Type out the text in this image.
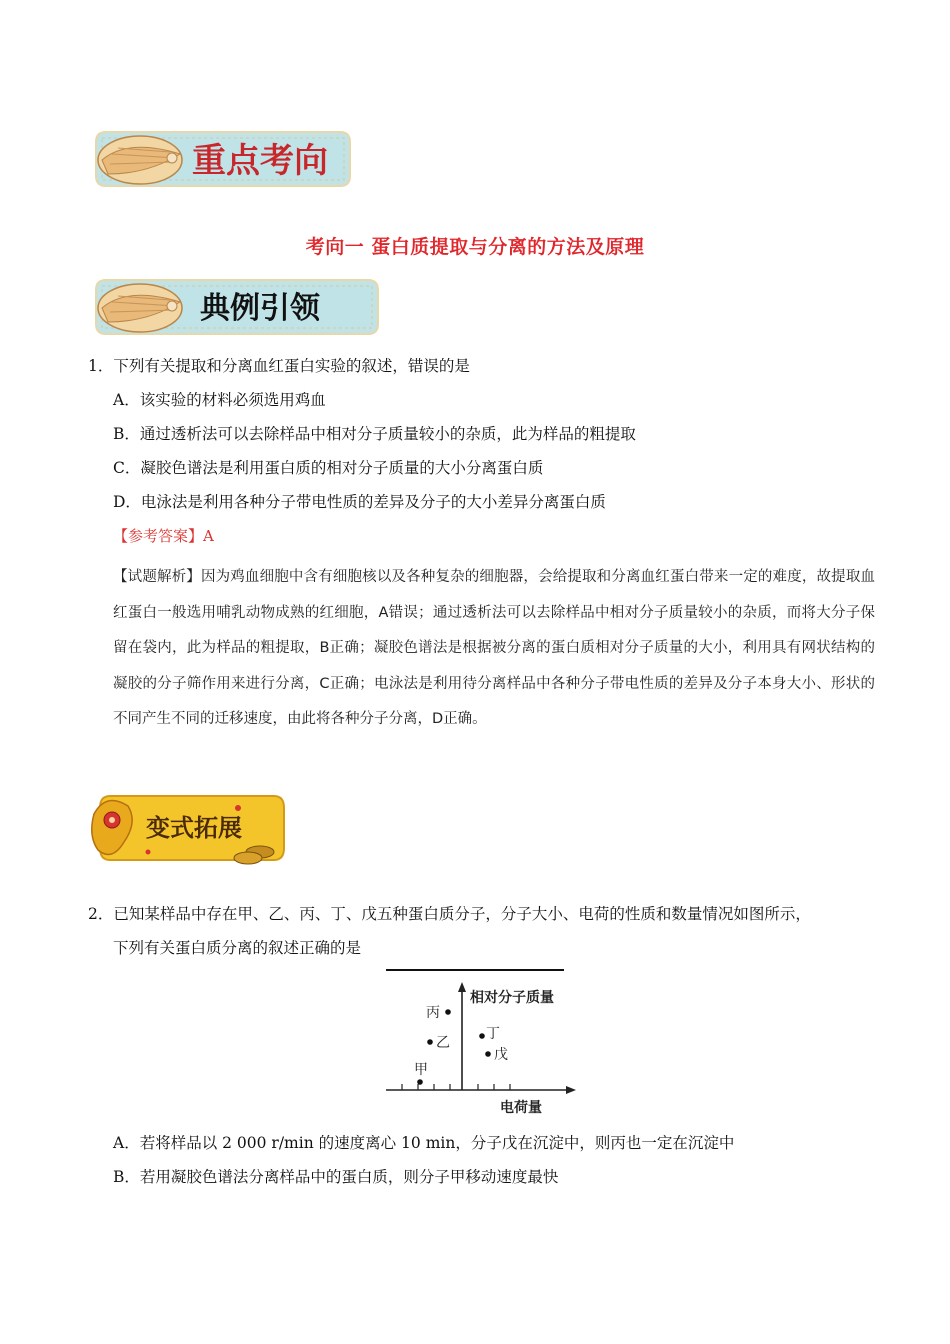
重点考向
考向一 蛋白质提取与分离的方法及原理
典例引领
1．下列有关提取和分离血红蛋白实验的叙述，错误的是
A．该实验的材料必须选用鸡血
B．通过透析法可以去除样品中相对分子质量较小的杂质，此为样品的粗提取
C．凝胶色谱法是利用蛋白质的相对分子质量的大小分离蛋白质
D．电泳法是利用各种分子带电性质的差异及分子的大小差异分离蛋白质
【参考答案】A
【试题解析】因为鸡血细胞中含有细胞核以及各种复杂的细胞器，会给提取和分离血红蛋白带来一定的难度，故提取血红蛋白一般选用哺乳动物成熟的红细胞，A错误；通过透析法可以去除样品中相对分子质量较小的杂质，而将大分子保留在袋内，此为样品的粗提取，B正确；凝胶色谱法是根据被分离的蛋白质相对分子质量的大小，利用具有网状结构的凝胶的分子筛作用来进行分离，C正确；电泳法是利用待分离样品中各种分子带电性质的差异及分子本身大小、形状的不同产生不同的迁移速度，由此将各种分子分离，D正确。
变式拓展
2．已知某样品中存在甲、乙、丙、丁、戊五种蛋白质分子，分子大小、电荷的性质和数量情况如图所示，
下列有关蛋白质分离的叙述正确的是
相对分子质量
电荷量
丙
乙
甲
丁
戊
A．若将样品以 2 000 r/min 的速度离心 10 min，分子戊在沉淀中，则丙也一定在沉淀中
B．若用凝胶色谱法分离样品中的蛋白质，则分子甲移动速度最快
